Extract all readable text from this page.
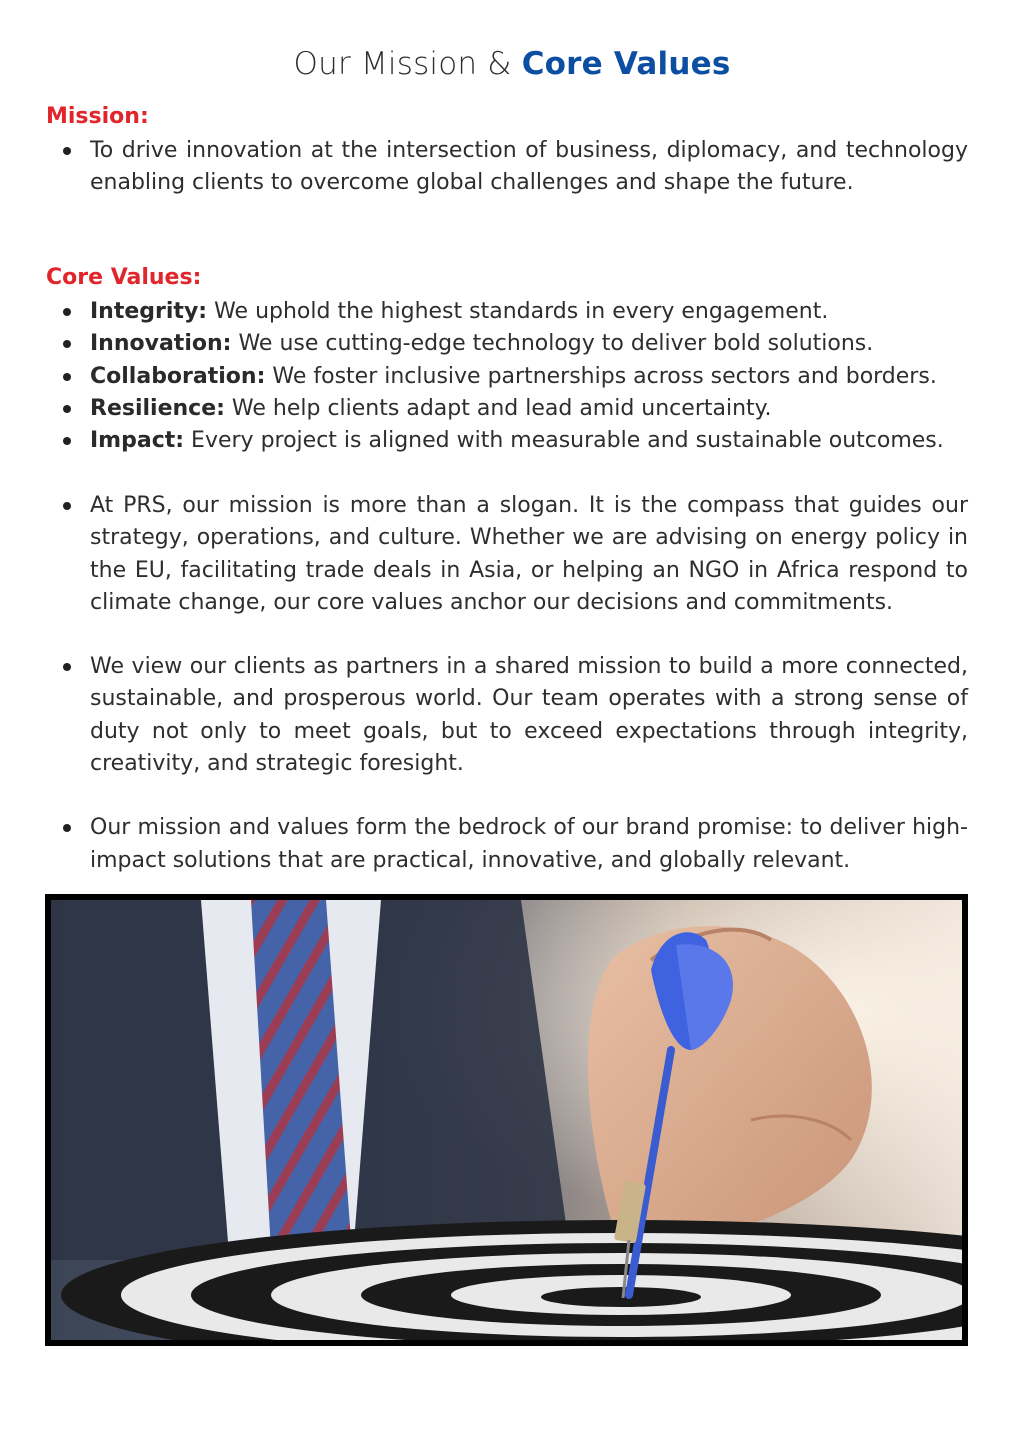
Our Mission & Core Values
Mission:
To drive innovation at the intersection of business, diplomacy, and technology enabling clients to overcome global challenges and shape the future.
Core Values:
Integrity: We uphold the highest standards in every engagement.
Innovation: We use cutting-edge technology to deliver bold solutions.
Collaboration: We foster inclusive partnerships across sectors and borders.
Resilience: We help clients adapt and lead amid uncertainty.
Impact: Every project is aligned with measurable and sustainable outcomes.
At PRS, our mission is more than a slogan. It is the compass that guides our strategy, operations, and culture. Whether we are advising on energy policy in the EU, facilitating trade deals in Asia, or helping an NGO in Africa respond to climate change, our core values anchor our decisions and commitments.
We view our clients as partners in a shared mission to build a more connected, sustainable, and prosperous world. Our team operates with a strong sense of duty not only to meet goals, but to exceed expectations through integrity, creativity, and strategic foresight.
Our mission and values form the bedrock of our brand promise: to deliver high-impact solutions that are practical, innovative, and globally relevant.
